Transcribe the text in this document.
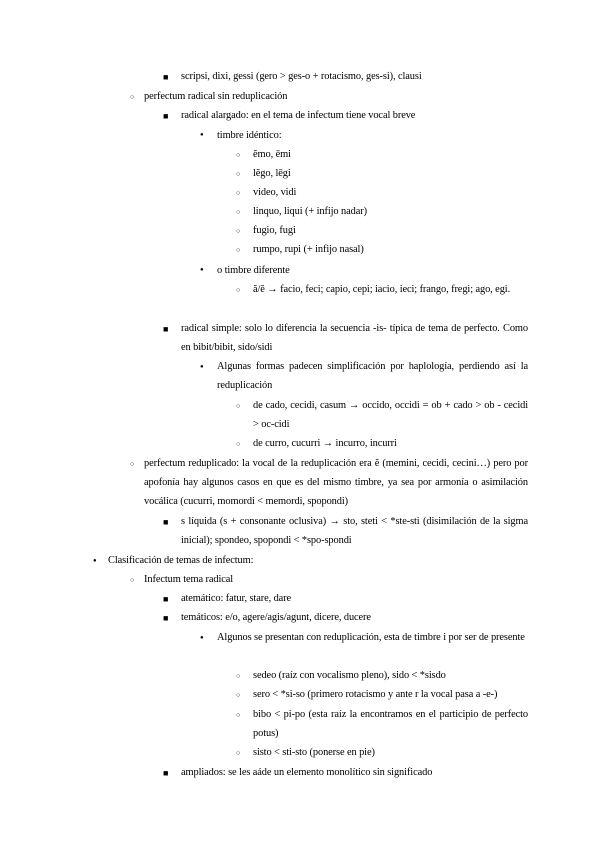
■ scripsi, dixi, gessi (gero > ges-o + rotacismo, ges-si), clausi
○ perfectum radical sin reduplicación
■ radical alargado: en el tema de infectum tiene vocal breve
● timbre idéntico:
○ ĕmo, ēmi
○ lĕgo, lēgi
○ video, vidi
○ linquo, liqui (+ infijo nadar)
○ fugio, fugi
○ rumpo, rupi (+ infijo nasal)
● o timbre diferente
○ ă/ĕ → facio, feci; capio, cepi; iacio, ieci; frango, fregi; ago, egi.
■ radical simple: solo lo diferencia la secuencia -is- típica de tema de perfecto. Como en bibit/bibit, sido/sidi
● Algunas formas padecen simplificación por haplología, perdiendo así la reduplicación
○ de cado, cecidi, casum → occido, occidi = ob + cado > ob - cecidi > oc-cidi
○ de curro, cucurri → incurro, incurri
○ perfectum reduplicado: la vocal de la reduplicación era ĕ (memini, cecidi, cecini…) pero por apofonía hay algunos casos en que es del mismo timbre, ya sea por armonía o asimilación vocálica (cucurri, momordi < memordi, spopondi)
■ s líquida (s + consonante oclusiva) → sto, steti < *ste-sti (disimilación de la sigma inicial); spondeo, spopondi < *spo-spondi
● Clasificación de temas de infectum:
○ Infectum tema radical
■ atemático: fatur, stare, dare
■ temáticos: e/o, agere/agis/agunt, dicere, ducere
● Algunos se presentan con reduplicación, esta de timbre i por ser de presente
○ sedeo (raíz con vocalismo pleno), sido < *sisdo
○ sero < *si-so (primero rotacismo y ante r la vocal pasa a -e-)
○ bibo < pi-po (esta raíz la encontramos en el participio de perfecto potus)
○ sisto < sti-sto (ponerse en pie)
■ ampliados: se les aáde un elemento monolítico sin significado
